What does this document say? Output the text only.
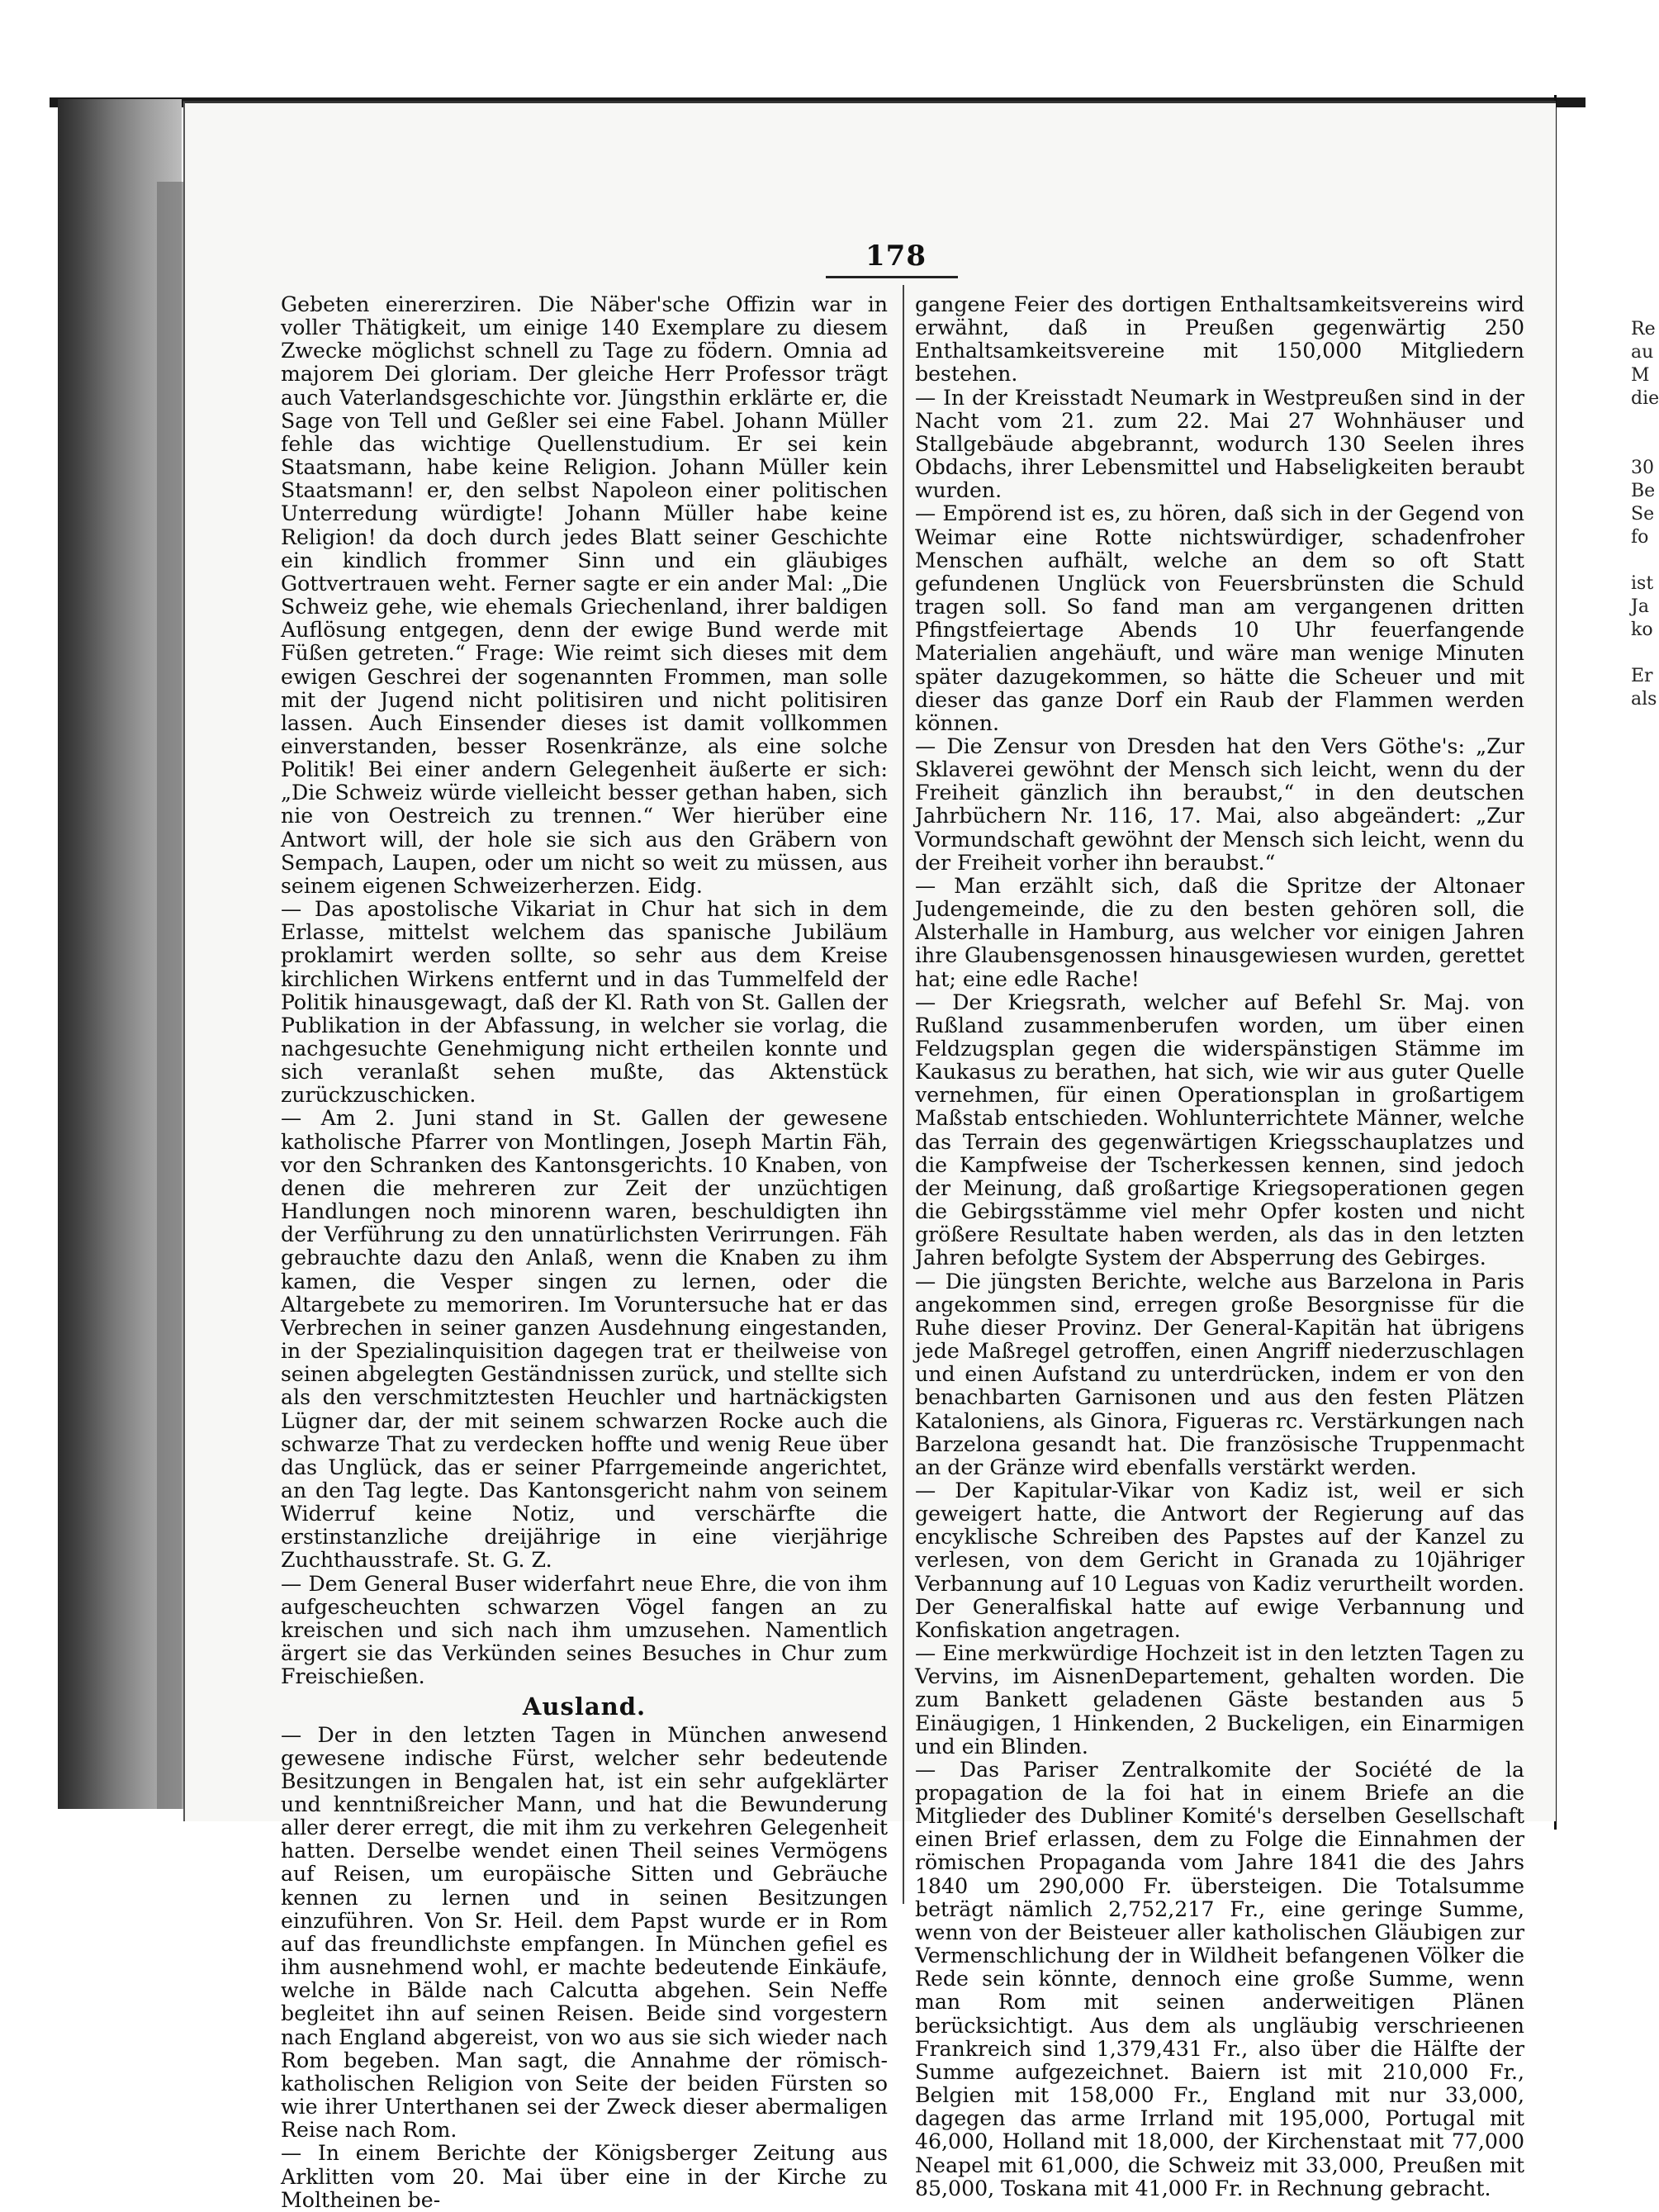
178

Gebeten einererziren. Die Näber'sche Offizin war in voller Thätigkeit, um einige 140 Exemplare zu diesem Zwecke möglichst schnell zu Tage zu födern. Omnia ad majorem Dei gloriam. Der gleiche Herr Professor trägt auch Vaterlandsgeschichte vor. Jüngsthin erklärte er, die Sage von Tell und Geßler sei eine Fabel. Johann Müller fehle das wichtige Quellenstudium. Er sei kein Staatsmann, habe keine Religion. Johann Müller kein Staatsmann! er, den selbst Napoleon einer politischen Unterredung würdigte! Johann Müller habe keine Religion! da doch durch jedes Blatt seiner Geschichte ein kindlich frommer Sinn und ein gläubiges Gottvertrauen weht. Ferner sagte er ein ander Mal: „Die Schweiz gehe, wie ehemals Griechenland, ihrer baldigen Auflösung entgegen, denn der ewige Bund werde mit Füßen getreten.“ Frage: Wie reimt sich dieses mit dem ewigen Geschrei der sogenannten Frommen, man solle mit der Jugend nicht politisiren und nicht politisiren lassen. Auch Einsender dieses ist damit vollkommen einverstanden, besser Rosenkränze, als eine solche Politik! Bei einer andern Gelegenheit äußerte er sich: „Die Schweiz würde vielleicht besser gethan haben, sich nie von Oestreich zu trennen.“ Wer hierüber eine Antwort will, der hole sie sich aus den Gräbern von Sempach, Laupen, oder um nicht so weit zu müssen, aus seinem eigenen Schweizerherzen. Eidg.

— Das apostolische Vikariat in Chur hat sich in dem Erlasse, mittelst welchem das spanische Jubiläum proklamirt werden sollte, so sehr aus dem Kreise kirchlichen Wirkens entfernt und in das Tummelfeld der Politik hinausgewagt, daß der Kl. Rath von St. Gallen der Publikation in der Abfassung, in welcher sie vorlag, die nachgesuchte Genehmigung nicht ertheilen konnte und sich veranlaßt sehen mußte, das Aktenstück zurückzuschicken.

— Am 2. Juni stand in St. Gallen der gewesene katholische Pfarrer von Montlingen, Joseph Martin Fäh, vor den Schranken des Kantonsgerichts. 10 Knaben, von denen die mehreren zur Zeit der unzüchtigen Handlungen noch minorenn waren, beschuldigten ihn der Verführung zu den unnatürlichsten Verirrungen. Fäh gebrauchte dazu den Anlaß, wenn die Knaben zu ihm kamen, die Vesper singen zu lernen, oder die Altargebete zu memoriren. Im Voruntersuche hat er das Verbrechen in seiner ganzen Ausdehnung eingestanden, in der Spezialinquisition dagegen trat er theilweise von seinen abgelegten Geständnissen zurück, und stellte sich als den verschmitztesten Heuchler und hartnäckigsten Lügner dar, der mit seinem schwarzen Rocke auch die schwarze That zu verdecken hoffte und wenig Reue über das Unglück, das er seiner Pfarrgemeinde angerichtet, an den Tag legte. Das Kantonsgericht nahm von seinem Widerruf keine Notiz, und verschärfte die erstinstanzliche dreijährige in eine vierjährige Zuchthausstrafe. St. G. Z.

— Dem General Buser widerfahrt neue Ehre, die von ihm aufgescheuchten schwarzen Vögel fangen an zu kreischen und sich nach ihm umzusehen. Namentlich ärgert sie das Verkünden seines Besuches in Chur zum Freischießen.

Ausland.

— Der in den letzten Tagen in München anwesend gewesene indische Fürst, welcher sehr bedeutende Besitzungen in Bengalen hat, ist ein sehr aufgeklärter und kenntnißreicher Mann, und hat die Bewunderung aller derer erregt, die mit ihm zu verkehren Gelegenheit hatten. Derselbe wendet einen Theil seines Vermögens auf Reisen, um europäische Sitten und Gebräuche kennen zu lernen und in seinen Besitzungen einzuführen. Von Sr. Heil. dem Papst wurde er in Rom auf das freundlichste empfangen. In München gefiel es ihm ausnehmend wohl, er machte bedeutende Einkäufe, welche in Bälde nach Calcutta abgehen. Sein Neffe begleitet ihn auf seinen Reisen. Beide sind vorgestern nach England abgereist, von wo aus sie sich wieder nach Rom begeben. Man sagt, die Annahme der römisch-katholischen Religion von Seite der beiden Fürsten so wie ihrer Unterthanen sei der Zweck dieser abermaligen Reise nach Rom.

— In einem Berichte der Königsberger Zeitung aus Arklitten vom 20. Mai über eine in der Kirche zu Moltheinen be-

gangene Feier des dortigen Enthaltsamkeitsvereins wird erwähnt, daß in Preußen gegenwärtig 250 Enthaltsamkeitsvereine mit 150,000 Mitgliedern bestehen.

— In der Kreisstadt Neumark in Westpreußen sind in der Nacht vom 21. zum 22. Mai 27 Wohnhäuser und Stallgebäude abgebrannt, wodurch 130 Seelen ihres Obdachs, ihrer Lebensmittel und Habseligkeiten beraubt wurden.

— Empörend ist es, zu hören, daß sich in der Gegend von Weimar eine Rotte nichtswürdiger, schadenfroher Menschen aufhält, welche an dem so oft Statt gefundenen Unglück von Feuersbrünsten die Schuld tragen soll. So fand man am vergangenen dritten Pfingstfeiertage Abends 10 Uhr feuerfangende Materialien angehäuft, und wäre man wenige Minuten später dazugekommen, so hätte die Scheuer und mit dieser das ganze Dorf ein Raub der Flammen werden können.

— Die Zensur von Dresden hat den Vers Göthe's: „Zur Sklaverei gewöhnt der Mensch sich leicht, wenn du der Freiheit gänzlich ihn beraubst,“ in den deutschen Jahrbüchern Nr. 116, 17. Mai, also abgeändert: „Zur Vormundschaft gewöhnt der Mensch sich leicht, wenn du der Freiheit vorher ihn beraubst.“

— Man erzählt sich, daß die Spritze der Altonaer Judengemeinde, die zu den besten gehören soll, die Alsterhalle in Hamburg, aus welcher vor einigen Jahren ihre Glaubensgenossen hinausgewiesen wurden, gerettet hat; eine edle Rache!

— Der Kriegsrath, welcher auf Befehl Sr. Maj. von Rußland zusammenberufen worden, um über einen Feldzugsplan gegen die widerspänstigen Stämme im Kaukasus zu berathen, hat sich, wie wir aus guter Quelle vernehmen, für einen Operationsplan in großartigem Maßstab entschieden. Wohlunterrichtete Männer, welche das Terrain des gegenwärtigen Kriegsschauplatzes und die Kampfweise der Tscherkessen kennen, sind jedoch der Meinung, daß großartige Kriegsoperationen gegen die Gebirgsstämme viel mehr Opfer kosten und nicht größere Resultate haben werden, als das in den letzten Jahren befolgte System der Absperrung des Gebirges.

— Die jüngsten Berichte, welche aus Barzelona in Paris angekommen sind, erregen große Besorgnisse für die Ruhe dieser Provinz. Der General-Kapitän hat übrigens jede Maßregel getroffen, einen Angriff niederzuschlagen und einen Aufstand zu unterdrücken, indem er von den benachbarten Garnisonen und aus den festen Plätzen Kataloniens, als Ginora, Figueras rc. Verstärkungen nach Barzelona gesandt hat. Die französische Truppenmacht an der Gränze wird ebenfalls verstärkt werden.

— Der Kapitular-Vikar von Kadiz ist, weil er sich geweigert hatte, die Antwort der Regierung auf das encyklische Schreiben des Papstes auf der Kanzel zu verlesen, von dem Gericht in Granada zu 10jähriger Verbannung auf 10 Leguas von Kadiz verurtheilt worden. Der Generalfiskal hatte auf ewige Verbannung und Konfiskation angetragen.

— Eine merkwürdige Hochzeit ist in den letzten Tagen zu Vervins, im AisnenDepartement, gehalten worden. Die zum Bankett geladenen Gäste bestanden aus 5 Einäugigen, 1 Hinkenden, 2 Buckeligen, ein Einarmigen und ein Blinden.

— Das Pariser Zentralkomite der Société de la propagation de la foi hat in einem Briefe an die Mitglieder des Dubliner Komité's derselben Gesellschaft einen Brief erlassen, dem zu Folge die Einnahmen der römischen Propaganda vom Jahre 1841 die des Jahrs 1840 um 290,000 Fr. übersteigen. Die Totalsumme beträgt nämlich 2,752,217 Fr., eine geringe Summe, wenn von der Beisteuer aller katholischen Gläubigen zur Vermenschlichung der in Wildheit befangenen Völker die Rede sein könnte, dennoch eine große Summe, wenn man Rom mit seinen anderweitigen Plänen berücksichtigt. Aus dem als ungläubig verschrieenen Frankreich sind 1,379,431 Fr., also über die Hälfte der Summe aufgezeichnet. Baiern ist mit 210,000 Fr., Belgien mit 158,000 Fr., England mit nur 33,000, dagegen das arme Irrland mit 195,000, Portugal mit 46,000, Holland mit 18,000, der Kirchenstaat mit 77,000 Neapel mit 61,000, die Schweiz mit 33,000, Preußen mit 85,000, Toskana mit 41,000 Fr. in Rechnung gebracht.

Re
au
M
die
30
Be
Se
fo
ist
Ja
ko
Er
als
